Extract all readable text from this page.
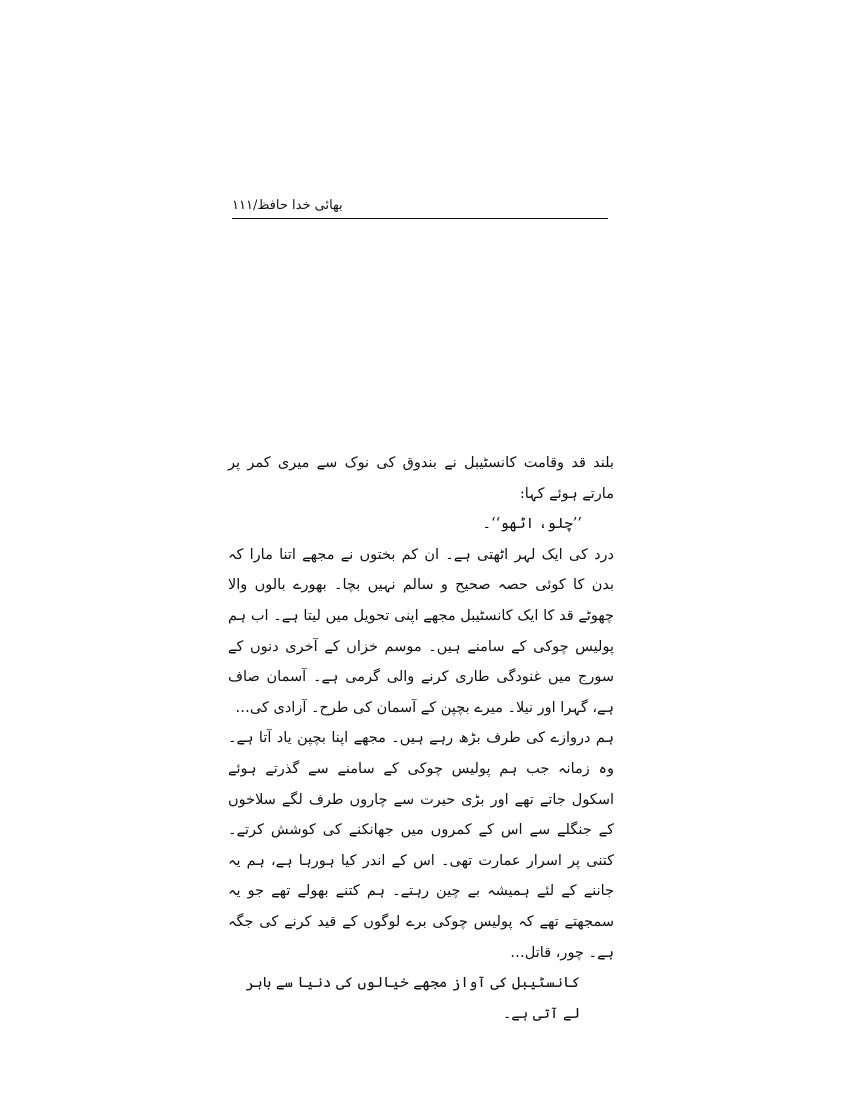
بھائی خدا حافظ/۱۱۱

بلند قد وقامت کانسٹیبل نے بندوق کی نوک سے میری کمر پر مارتے ہوئے کہا:

’’چلو، اٹھو‘‘۔

درد کی ایک لہر اٹھتی ہے۔ ان کم بختوں نے مجھے اتنا مارا کہ بدن کا کوئی حصہ صحیح و سالم نہیں بچا۔ بھورے بالوں والا چھوٹے قد کا ایک کانسٹیبل مجھے اپنی تحویل میں لیتا ہے۔ اب ہم پولیس چوکی کے سامنے ہیں۔ موسم خزاں کے آخری دنوں کے سورج میں غنودگی طاری کرنے والی گرمی ہے۔ آسمان صاف ہے، گہرا اور نیلا۔ میرے بچپن کے آسمان کی طرح۔ آزادی کی…

ہم دروازے کی طرف بڑھ رہے ہیں۔ مجھے اپنا بچپن یاد آتا ہے۔ وہ زمانہ جب ہم پولیس چوکی کے سامنے سے گذرتے ہوئے اسکول جاتے تھے اور بڑی حیرت سے چاروں طرف لگے سلاخوں کے جنگلے سے اس کے کمروں میں جھانکنے کی کوشش کرتے۔ کتنی پر اسرار عمارت تھی۔ اس کے اندر کیا ہورہا ہے، ہم یہ جاننے کے لئے ہمیشہ بے چین رہتے۔ ہم کتنے بھولے تھے جو یہ سمجھتے تھے کہ پولیس چوکی برے لوگوں کے قید کرنے کی جگہ ہے۔ چور، قاتل…

کانسٹیبل کی آواز مجھے خیالوں کی دنیا سے باہر لے آتی ہے۔
